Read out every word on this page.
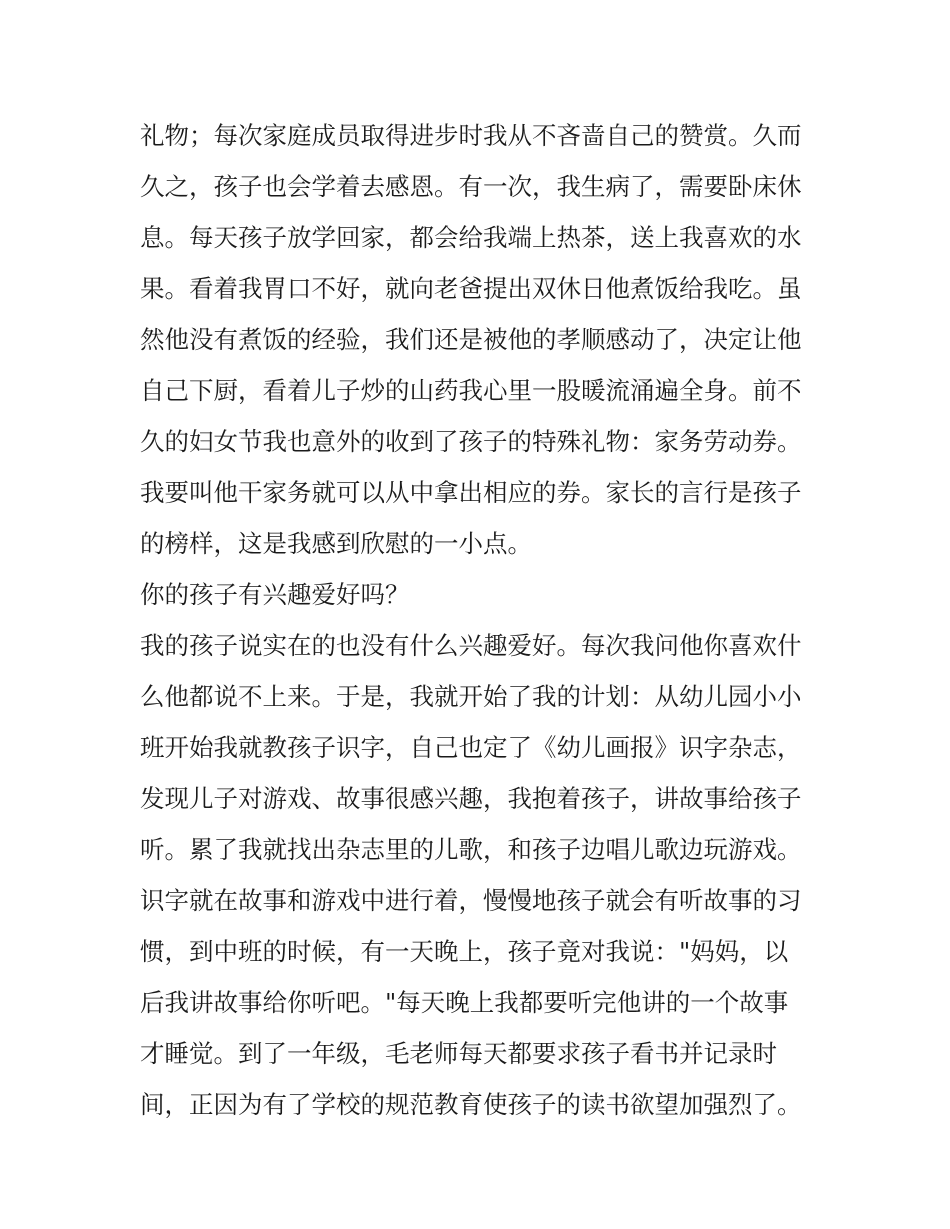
礼物；每次家庭成员取得进步时我从不吝啬自己的赞赏。久而
久之，孩子也会学着去感恩。有一次，我生病了，需要卧床休
息。每天孩子放学回家，都会给我端上热茶，送上我喜欢的水
果。看着我胃口不好，就向老爸提出双休日他煮饭给我吃。虽
然他没有煮饭的经验，我们还是被他的孝顺感动了，决定让他
自己下厨，看着儿子炒的山药我心里一股暖流涌遍全身。前不
久的妇女节我也意外的收到了孩子的特殊礼物：家务劳动券。
我要叫他干家务就可以从中拿出相应的券。家长的言行是孩子
的榜样，这是我感到欣慰的一小点。
你的孩子有兴趣爱好吗？
我的孩子说实在的也没有什么兴趣爱好。每次我问他你喜欢什
么他都说不上来。于是，我就开始了我的计划：从幼儿园小小
班开始我就教孩子识字，自己也定了《幼儿画报》识字杂志，
发现儿子对游戏、故事很感兴趣，我抱着孩子，讲故事给孩子
听。累了我就找出杂志里的儿歌，和孩子边唱儿歌边玩游戏。
识字就在故事和游戏中进行着，慢慢地孩子就会有听故事的习
惯，到中班的时候，有一天晚上，孩子竟对我说："妈妈，以
后我讲故事给你听吧。"每天晚上我都要听完他讲的一个故事
才睡觉。到了一年级，毛老师每天都要求孩子看书并记录时
间，正因为有了学校的规范教育使孩子的读书欲望加强烈了。
